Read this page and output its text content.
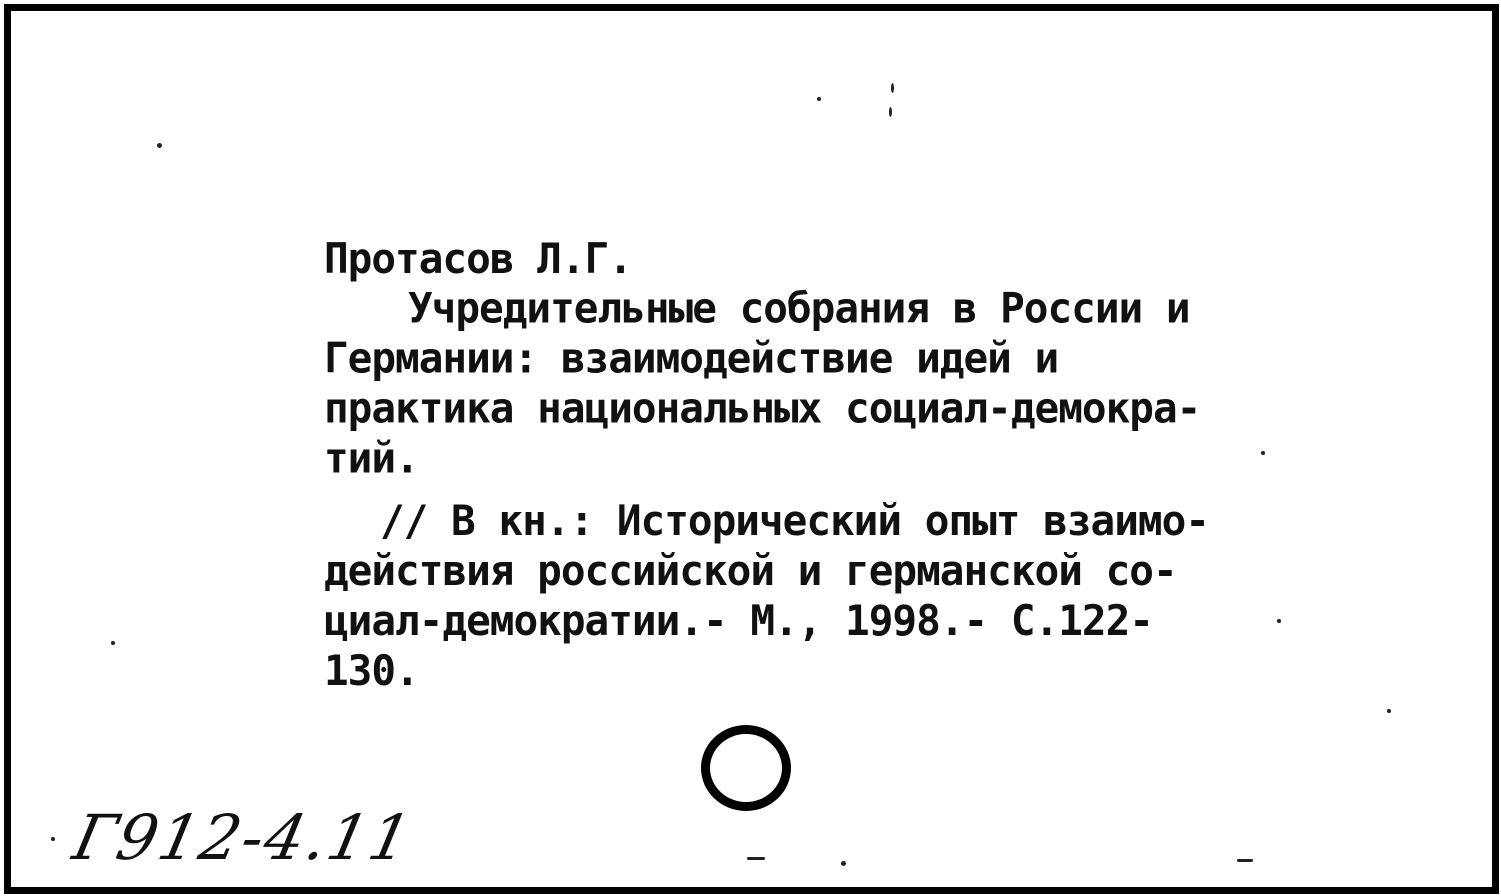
Протасов Л.Г.
Учредительные собрания в России и
Германии: взаимодействие идей и
практика национальных социал-демокра-
тий.
// В кн.: Исторический опыт взаимо-
действия российской и германской со-
циал-демократии.- М., 1998.- С.122-
130.
Г912-4.11
